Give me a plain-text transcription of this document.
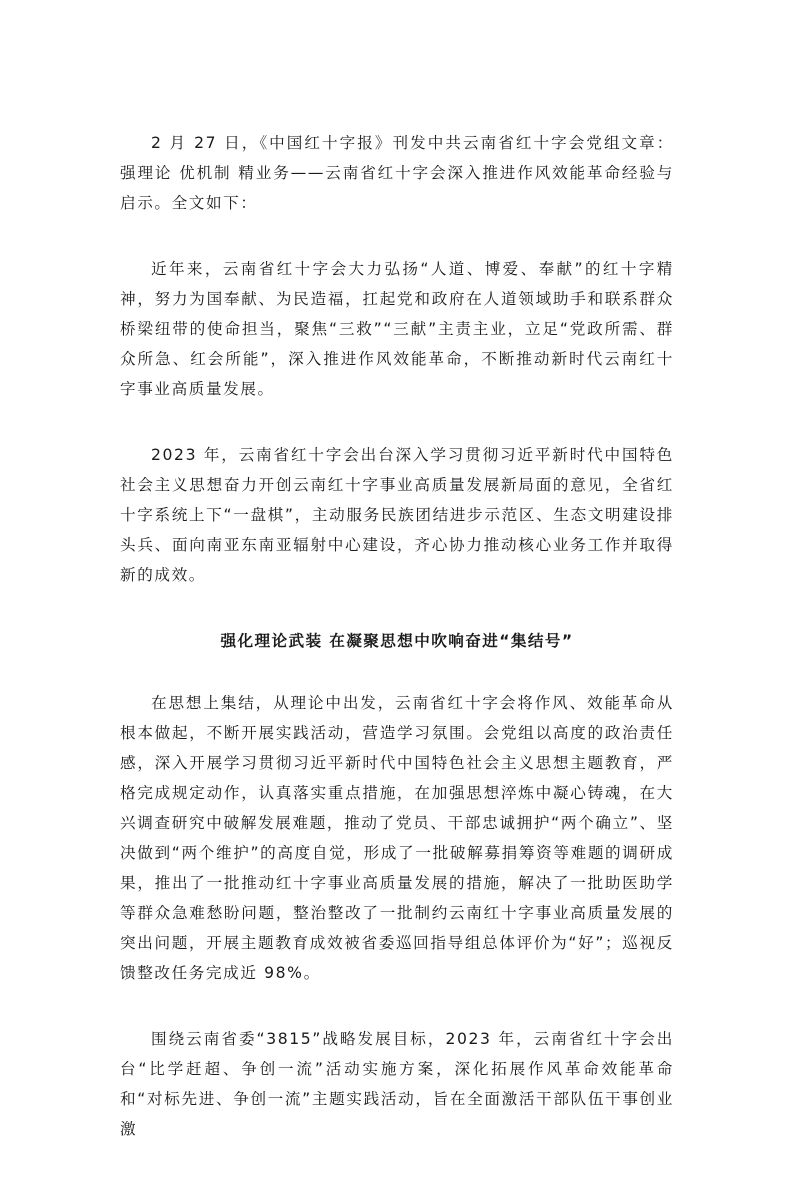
2 月 27 日，《中国红十字报》刊发中共云南省红十字会党组文章：强理论 优机制 精业务——云南省红十字会深入推进作风效能革命经验与启示。全文如下：

近年来，云南省红十字会大力弘扬“人道、博爱、奉献”的红十字精神，努力为国奉献、为民造福，扛起党和政府在人道领域助手和联系群众桥梁纽带的使命担当，聚焦“三救”“三献”主责主业，立足“党政所需、群众所急、红会所能”，深入推进作风效能革命，不断推动新时代云南红十字事业高质量发展。

2023 年，云南省红十字会出台深入学习贯彻习近平新时代中国特色社会主义思想奋力开创云南红十字事业高质量发展新局面的意见，全省红十字系统上下“一盘棋”，主动服务民族团结进步示范区、生态文明建设排头兵、面向南亚东南亚辐射中心建设，齐心协力推动核心业务工作并取得新的成效。

强化理论武装 在凝聚思想中吹响奋进“集结号”

在思想上集结，从理论中出发，云南省红十字会将作风、效能革命从根本做起，不断开展实践活动，营造学习氛围。会党组以高度的政治责任感，深入开展学习贯彻习近平新时代中国特色社会主义思想主题教育，严格完成规定动作，认真落实重点措施，在加强思想淬炼中凝心铸魂，在大兴调查研究中破解发展难题，推动了党员、干部忠诚拥护“两个确立”、坚决做到“两个维护”的高度自觉，形成了一批破解募捐筹资等难题的调研成果，推出了一批推动红十字事业高质量发展的措施，解决了一批助医助学等群众急难愁盼问题，整治整改了一批制约云南红十字事业高质量发展的突出问题，开展主题教育成效被省委巡回指导组总体评价为“好”；巡视反馈整改任务完成近 98%。

围绕云南省委“3815”战略发展目标，2023 年，云南省红十字会出台“比学赶超、争创一流”活动实施方案，深化拓展作风革命效能革命和“对标先进、争创一流”主题实践活动，旨在全面激活干部队伍干事创业激
